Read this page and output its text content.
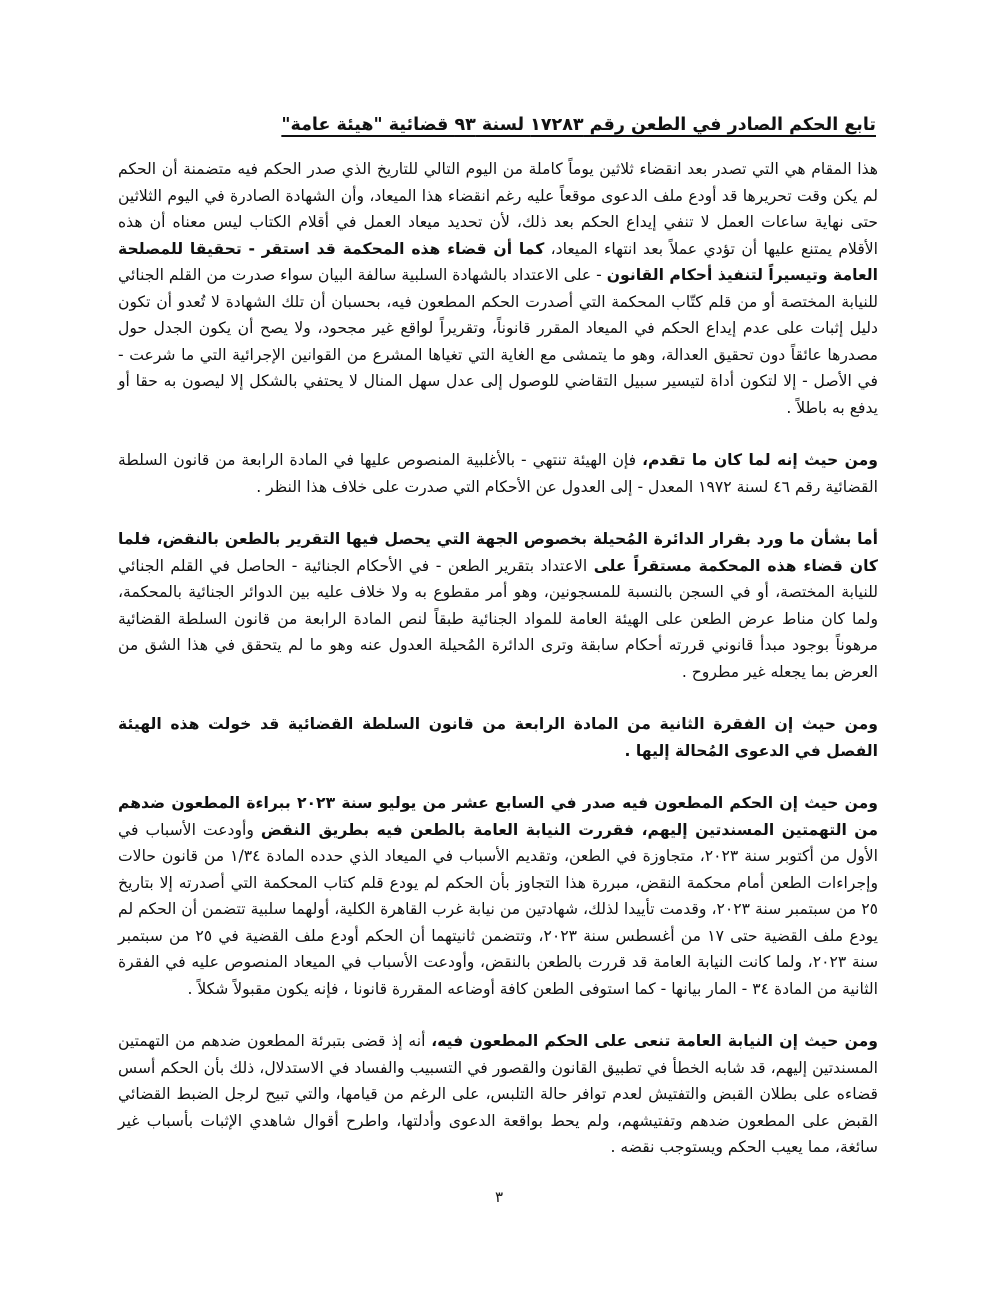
تابع الحكم الصادر في الطعن رقم ١٧٢٨٣ لسنة ٩٣ قضائية "هيئة عامة"

هذا المقام هي التي تصدر بعد انقضاء ثلاثين يوماً كاملة من اليوم التالي للتاريخ الذي صدر الحكم فيه متضمنة أن الحكم لم يكن وقت تحريرها قد أودع ملف الدعوى موقعاً عليه رغم انقضاء هذا الميعاد، وأن الشهادة الصادرة في اليوم الثلاثين حتى نهاية ساعات العمل لا تنفي إيداع الحكم بعد ذلك، لأن تحديد ميعاد العمل في أقلام الكتاب ليس معناه أن هذه الأقلام يمتنع عليها أن تؤدي عملاً بعد انتهاء الميعاد، كما أن قضاء هذه المحكمة قد استقر - تحقيقا للمصلحة العامة وتيسيراً لتنفيذ أحكام القانون - على الاعتداد بالشهادة السلبية سالفة البيان سواء صدرت من القلم الجنائي للنيابة المختصة أو من قلم كتّاب المحكمة التي أصدرت الحكم المطعون فيه، بحسبان أن تلك الشهادة لا تُعدو أن تكون دليل إثبات على عدم إيداع الحكم في الميعاد المقرر قانوناً، وتقريراً لواقع غير مجحود، ولا يصح أن يكون الجدل حول مصدرها عائقاً دون تحقيق العدالة، وهو ما يتمشى مع الغاية التي تغياها المشرع من القوانين الإجرائية التي ما شرعت - في الأصل - إلا لتكون أداة لتيسير سبيل التقاضي للوصول إلى عدل سهل المنال لا يحتفي بالشكل إلا ليصون به حقا أو يدفع به باطلاً .

ومن حيث إنه لما كان ما تقدم، فإن الهيئة تنتهي - بالأغلبية المنصوص عليها في المادة الرابعة من قانون السلطة القضائية رقم ٤٦ لسنة ١٩٧٢ المعدل - إلى العدول عن الأحكام التي صدرت على خلاف هذا النظر .

أما بشأن ما ورد بقرار الدائرة المُحيلة بخصوص الجهة التي يحصل فيها التقرير بالطعن بالنقض، فلما كان قضاء هذه المحكمة مستقراً على الاعتداد بتقرير الطعن - في الأحكام الجنائية - الحاصل في القلم الجنائي للنيابة المختصة، أو في السجن بالنسبة للمسجونين، وهو أمر مقطوع به ولا خلاف عليه بين الدوائر الجنائية بالمحكمة، ولما كان مناط عرض الطعن على الهيئة العامة للمواد الجنائية طبقاً لنص المادة الرابعة من قانون السلطة القضائية مرهوناً بوجود مبدأ قانوني قررته أحكام سابقة وترى الدائرة المُحيلة العدول عنه وهو ما لم يتحقق في هذا الشق من العرض بما يجعله غير مطروح .

ومن حيث إن الفقرة الثانية من المادة الرابعة من قانون السلطة القضائية قد خولت هذه الهيئة الفصل في الدعوى المُحالة إليها .

ومن حيث إن الحكم المطعون فيه صدر في السابع عشر من يوليو سنة ٢٠٢٣ ببراءة المطعون ضدهم من التهمتين المسندتين إليهم، فقررت النيابة العامة بالطعن فيه بطريق النقض وأودعت الأسباب في الأول من أكتوبر سنة ٢٠٢٣، متجاوزة في الطعن، وتقديم الأسباب في الميعاد الذي حدده المادة ١/٣٤ من قانون حالات وإجراءات الطعن أمام محكمة النقض، مبررة هذا التجاوز بأن الحكم لم يودع قلم كتاب المحكمة التي أصدرته إلا بتاريخ ٢٥ من سبتمبر سنة ٢٠٢٣، وقدمت تأييدا لذلك، شهادتين من نيابة غرب القاهرة الكلية، أولهما سلبية تتضمن أن الحكم لم يودع ملف القضية حتى ١٧ من أغسطس سنة ٢٠٢٣، وتتضمن ثانيتهما أن الحكم أودع ملف القضية في ٢٥ من سبتمبر سنة ٢٠٢٣، ولما كانت النيابة العامة قد قررت بالطعن بالنقض، وأودعت الأسباب في الميعاد المنصوص عليه في الفقرة الثانية من المادة ٣٤ - المار بيانها - كما استوفى الطعن كافة أوضاعه المقررة قانونا ، فإنه يكون مقبولاً شكلاً .

ومن حيث إن النيابة العامة تنعى على الحكم المطعون فيه، أنه إذ قضى بتبرئة المطعون ضدهم من التهمتين المسندتين إليهم، قد شابه الخطأ في تطبيق القانون والقصور في التسبيب والفساد في الاستدلال، ذلك بأن الحكم أسس قضاءه على بطلان القبض والتفتيش لعدم توافر حالة التلبس، على الرغم من قيامها، والتي تبيح لرجل الضبط القضائي القبض على المطعون ضدهم وتفتيشهم، ولم يحط بواقعة الدعوى وأدلتها، واطرح أقوال شاهدي الإثبات بأسباب غير سائغة، مما يعيب الحكم ويستوجب نقضه .

٣
